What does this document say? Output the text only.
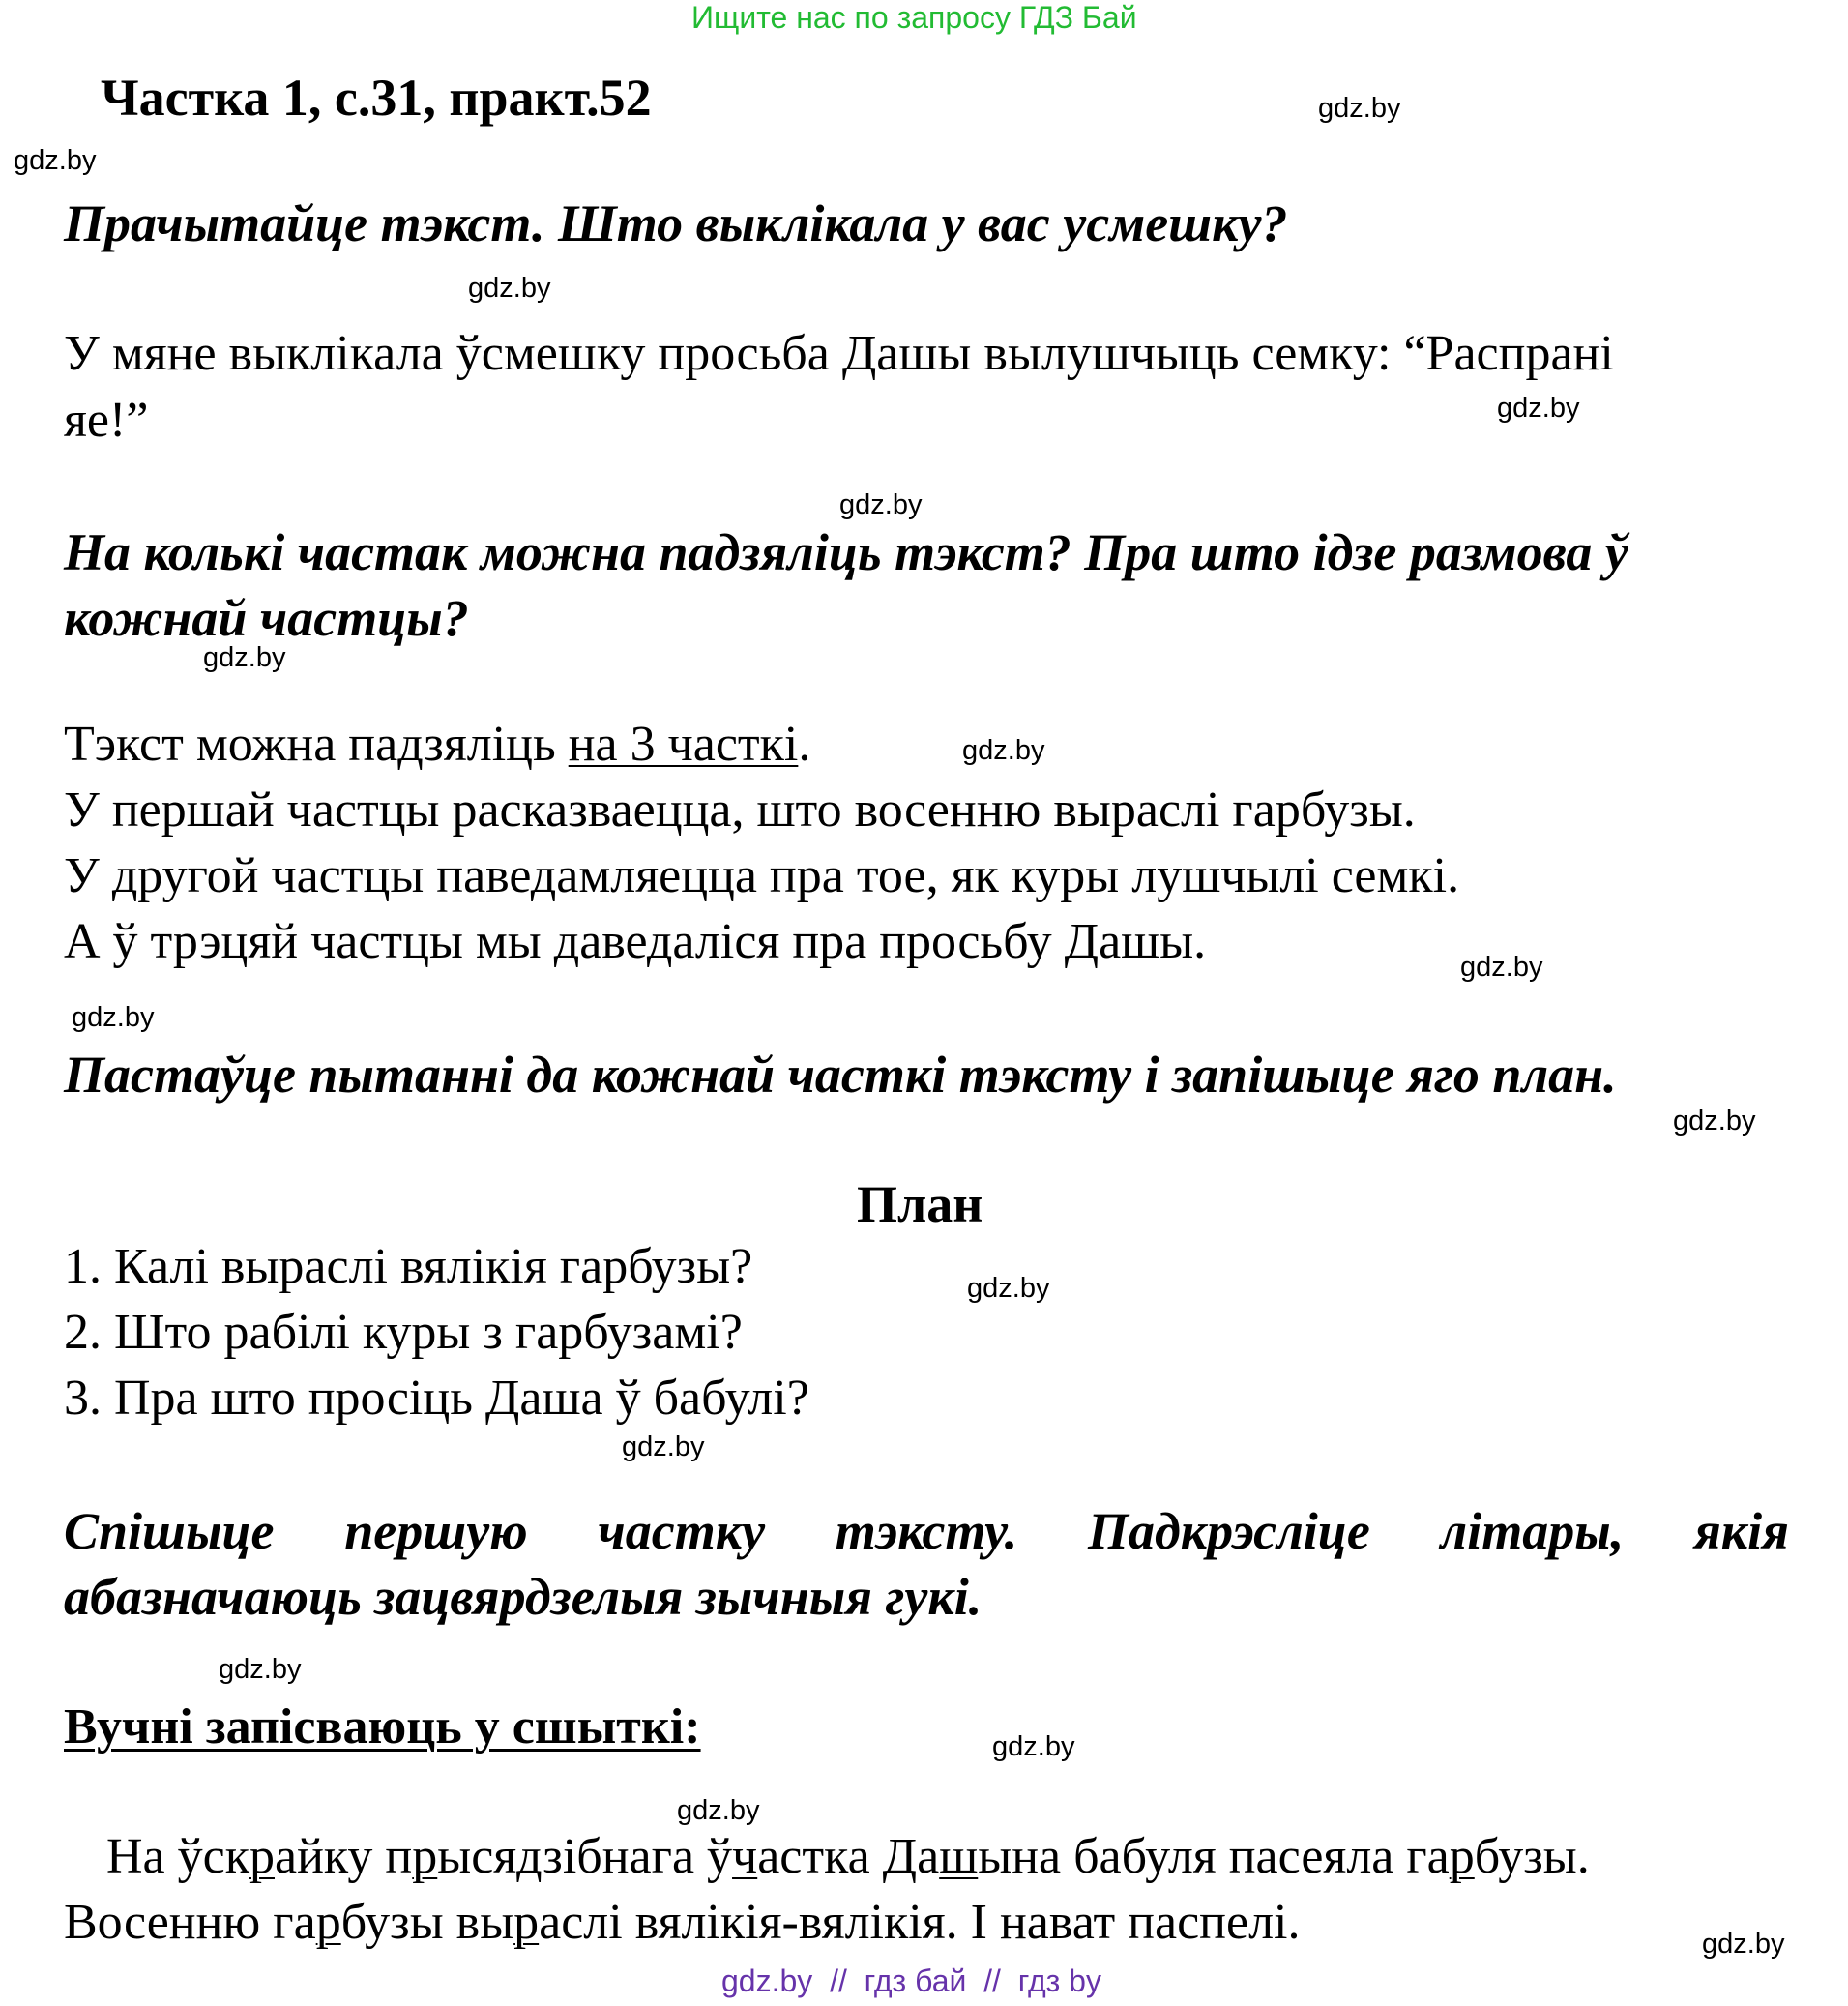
Ищите нас по запросу ГДЗ Бай
Частка 1, с.31, практ.52
Прачытайце тэкст. Што выклікала у вас усмешку?
У мяне выклікала ўсмешку просьба Дашы вылушчыць семку: “Распрані
яе!”
На колькі частак можна падзяліць тэкст? Пра што ідзе размова ў
кожнай частцы?
Тэкст можна падзяліць на 3 часткі.
У першай частцы расказваецца, што восенню выраслі гарбузы.
У другой частцы паведамляецца пра тое, як куры лушчылі семкі.
А ў трэцяй частцы мы даведаліся пра просьбу Дашы.
Пастаўце пытанні да кожнай часткі тэксту і запішыце яго план.
План
1. Калі выраслі вялікія гарбузы?
2. Што рабілі куры з гарбузамі?
3. Пра што просіць Даша ў бабулі?
Спішыце першую частку тэксту. Падкрэсліце літары, якія
абазначаюць зацвярдзелыя зычныя гукі.
Вучні запісваюць у сшыткі:
На ўскрайку прысядзібнага ўчастка Дашына бабуля пасеяла гарбузы.
Восенню гарбузы выраслі вялікія-вялікія. І нават паспелі.
gdz.by
gdz.by
gdz.by
gdz.by
gdz.by
gdz.by
gdz.by
gdz.by
gdz.by
gdz.by
gdz.by
gdz.by
gdz.by
gdz.by
gdz.by
gdz.by
gdz.by  //  гдз бай  //  гдз by
